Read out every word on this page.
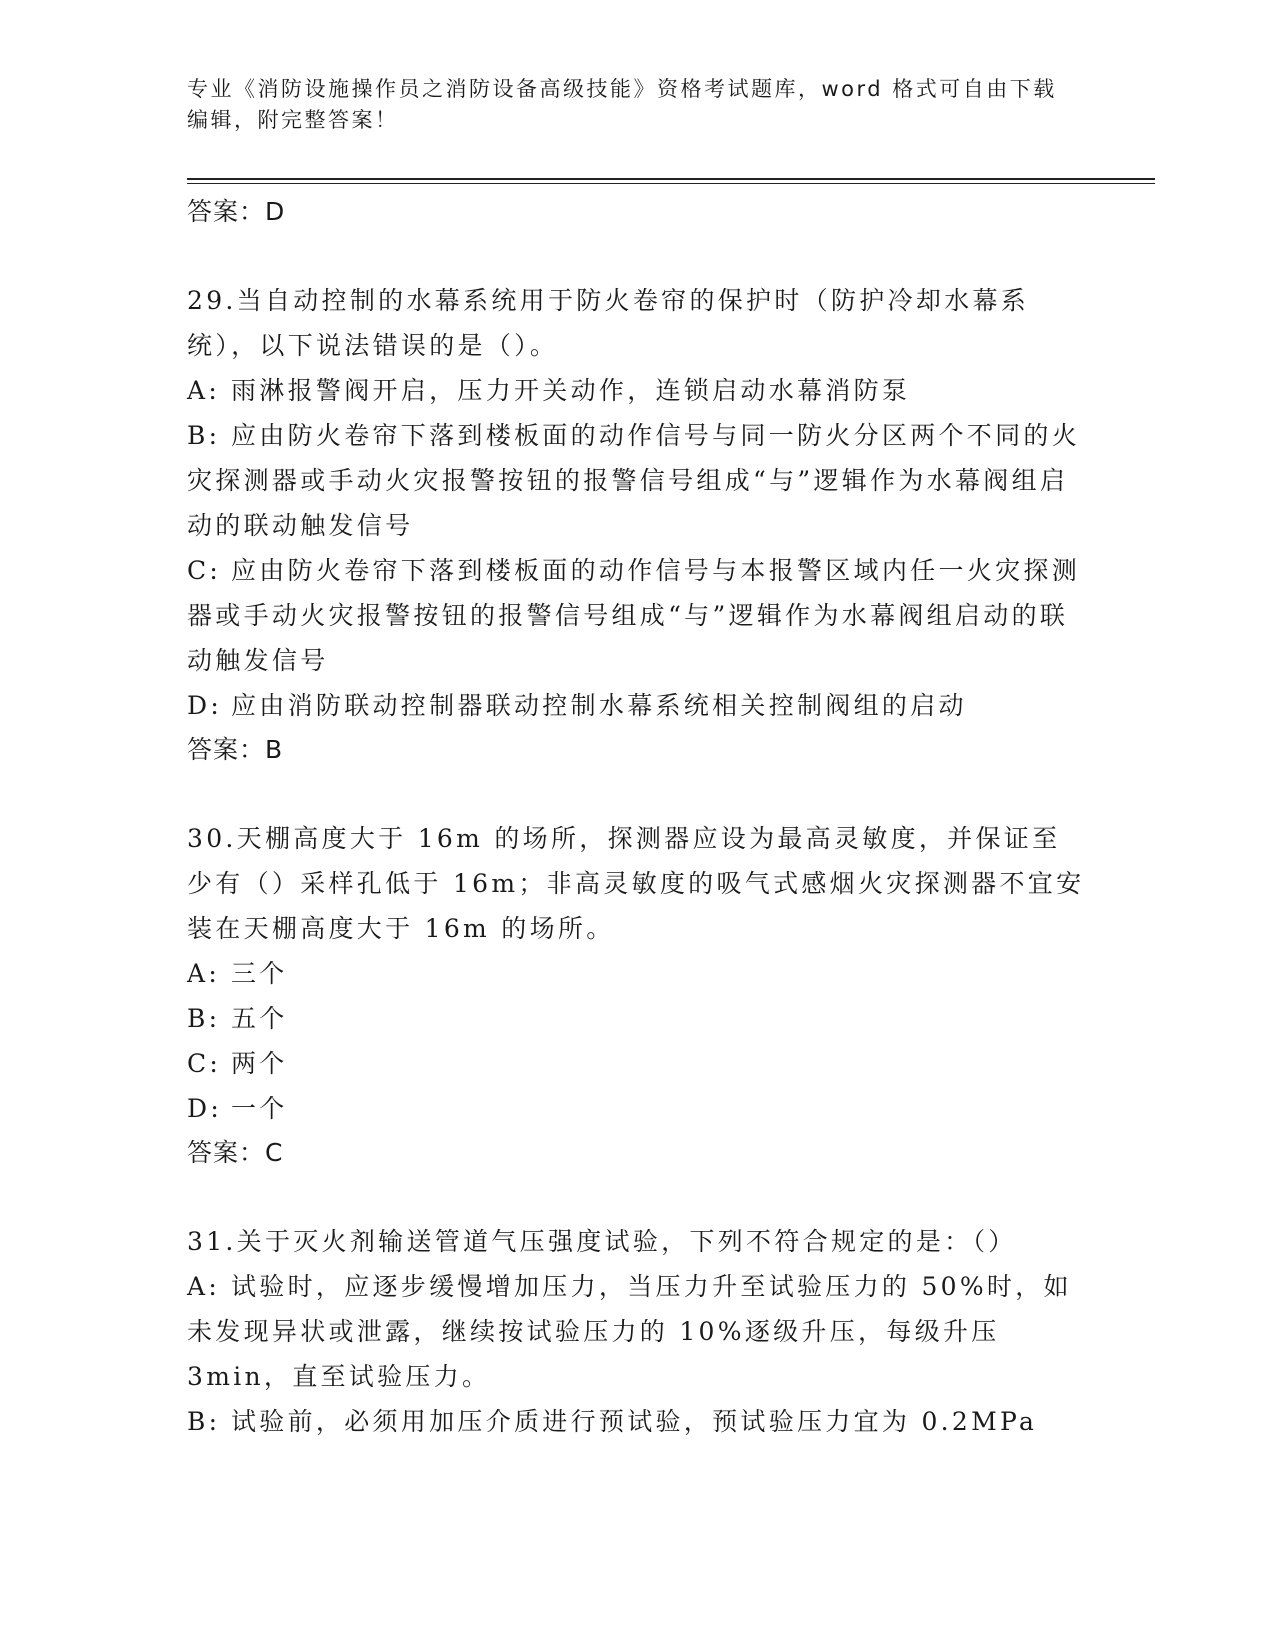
专业《消防设施操作员之消防设备高级技能》资格考试题库，word 格式可自由下载编辑，附完整答案！

答案：D

29.当自动控制的水幕系统用于防火卷帘的保护时（防护冷却水幕系统），以下说法错误的是（）。

A: 雨淋报警阀开启，压力开关动作，连锁启动水幕消防泵

B: 应由防火卷帘下落到楼板面的动作信号与同一防火分区两个不同的火灾探测器或手动火灾报警按钮的报警信号组成“与”逻辑作为水幕阀组启动的联动触发信号

C: 应由防火卷帘下落到楼板面的动作信号与本报警区域内任一火灾探测器或手动火灾报警按钮的报警信号组成“与”逻辑作为水幕阀组启动的联动触发信号

D: 应由消防联动控制器联动控制水幕系统相关控制阀组的启动

答案：B

30.天棚高度大于 16m 的场所，探测器应设为最高灵敏度，并保证至少有（）采样孔低于 16m；非高灵敏度的吸气式感烟火灾探测器不宜安装在天棚高度大于 16m 的场所。

A: 三个

B: 五个

C: 两个

D: 一个

答案：C

31.关于灭火剂输送管道气压强度试验，下列不符合规定的是：（）

A: 试验时，应逐步缓慢增加压力，当压力升至试验压力的 50%时，如未发现异状或泄露，继续按试验压力的 10%逐级升压，每级升压 3min，直至试验压力。

B: 试验前，必须用加压介质进行预试验，预试验压力宜为 0.2MPa
